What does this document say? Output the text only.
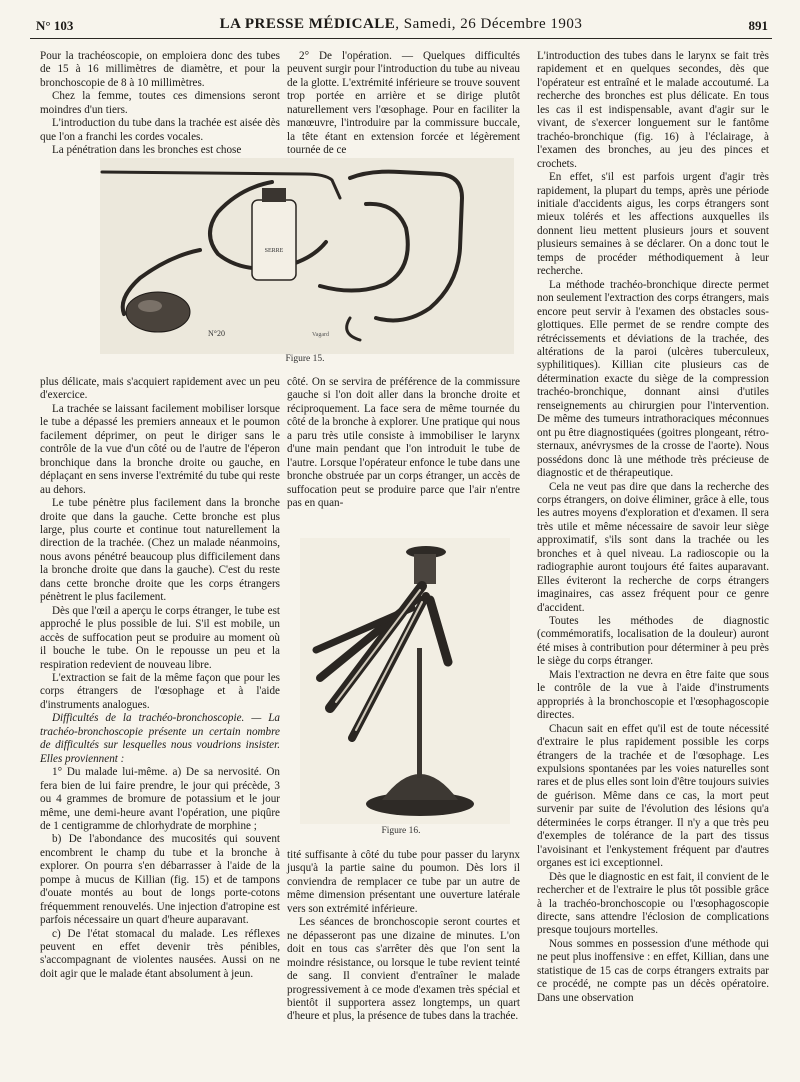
N° 103	LA PRESSE MÉDICALE, Samedi, 26 Décembre 1903	891

Pour la trachéoscopie, on emploiera donc des tubes de 15 à 16 millimètres de diamètre, et pour la bronchoscopie de 8 à 10 millimètres.

Chez la femme, toutes ces dimensions seront moindres d'un tiers.

L'introduction du tube dans la trachée est aisée dès que l'on a franchi les cordes vocales.

La pénétration dans les bronches est chose

2° De l'opération. — Quelques difficultés peuvent surgir pour l'introduction du tube au niveau de la glotte. L'extrémité inférieure se trouve souvent trop portée en arrière et se dirige plutôt naturellement vers l'œsophage. Pour en faciliter la manœuvre, l'introduire par la commissure buccale, la tête étant en extension forcée et légèrement tournée de ce

SERRE
N°20	Vagard
Figure 15.

plus délicate, mais s'acquiert rapidement avec un peu d'exercice.

La trachée se laissant facilement mobiliser lorsque le tube a dépassé les premiers anneaux et le poumon facilement déprimer, on peut le diriger sans le contrôle de la vue d'un côté ou de l'autre de l'éperon bronchique dans la bronche droite ou gauche, en déplaçant en sens inverse l'extrémité du tube qui reste au dehors.

Le tube pénètre plus facilement dans la bronche droite que dans la gauche. Cette bronche est plus large, plus courte et continue tout naturellement la direction de la trachée. (Chez un malade néanmoins, nous avons pénétré beaucoup plus difficilement dans la bronche droite que dans la gauche). C'est du reste dans cette bronche droite que les corps étrangers pénètrent le plus facilement.

Dès que l'œil a aperçu le corps étranger, le tube est approché le plus possible de lui. S'il est mobile, un accès de suffocation peut se produire au moment où il bouche le tube. On le repousse un peu et la respiration redevient de nouveau libre.

L'extraction se fait de la même façon que pour les corps étrangers de l'œsophage et à l'aide d'instruments analogues.

Difficultés de la trachéo-bronchoscopie. — La trachéo-bronchoscopie présente un certain nombre de difficultés sur lesquelles nous voudrions insister. Elles proviennent :

1° Du malade lui-même. a) De sa nervosité. On fera bien de lui faire prendre, le jour qui précède, 3 ou 4 grammes de bromure de potassium et le jour même, une demi-heure avant l'opération, une piqûre de 1 centigramme de chlorhydrate de morphine ;

b) De l'abondance des mucosités qui souvent encombrent le champ du tube et la bronche à explorer. On pourra s'en débarrasser à l'aide de la pompe à mucus de Killian (fig. 15) et de tampons d'ouate montés au bout de longs porte-cotons fréquemment renouvelés. Une injection d'atropine est parfois nécessaire un quart d'heure auparavant.

c) De l'état stomacal du malade. Les réflexes peuvent en effet devenir très pénibles, s'accompagnant de violentes nausées. Aussi on ne doit agir que le malade étant absolument à jeun.

côté. On se servira de préférence de la commissure gauche si l'on doit aller dans la bronche droite et réciproquement. La face sera de même tournée du côté de la bronche à explorer. Une pratique qui nous a paru très utile consiste à immobiliser le larynx d'une main pendant que l'on introduit le tube de l'autre. Lorsque l'opérateur enfonce le tube dans une bronche obstruée par un corps étranger, un accès de suffocation peut se produire parce que l'air n'entre pas en quan-

Figure 16.

tité suffisante à côté du tube pour passer du larynx jusqu'à la partie saine du poumon. Dès lors il conviendra de remplacer ce tube par un autre de même dimension présentant une ouverture latérale vers son extrémité inférieure.

Les séances de bronchoscopie seront courtes et ne dépasseront pas une dizaine de minutes. L'on doit en tous cas s'arrêter dès que l'on sent la moindre résistance, ou lorsque le tube revient teinté de sang. Il convient d'entraîner le malade progressivement à ce mode d'examen très spécial et bientôt il supportera assez longtemps, un quart d'heure et plus, la présence de tubes dans la trachée.

L'introduction des tubes dans le larynx se fait très rapidement et en quelques secondes, dès que l'opérateur est entraîné et le malade accoutumé. La recherche des bronches est plus délicate. En tous les cas il est indispensable, avant d'agir sur le vivant, de s'exercer longuement sur le fantôme trachéo-bronchique (fig. 16) à l'éclairage, à l'examen des bronches, au jeu des pinces et crochets.

En effet, s'il est parfois urgent d'agir très rapidement, la plupart du temps, après une période initiale d'accidents aigus, les corps étrangers sont mieux tolérés et les affections auxquelles ils donnent lieu mettent plusieurs jours et souvent plusieurs semaines à se déclarer. On a donc tout le temps de procéder méthodiquement à leur recherche.

La méthode trachéo-bronchique directe permet non seulement l'extraction des corps étrangers, mais encore peut servir à l'examen des obstacles sous-glottiques. Elle permet de se rendre compte des rétrécissements et déviations de la trachée, des altérations de la paroi (ulcères tuberculeux, syphilitiques). Killian cite plusieurs cas de détermination exacte du siège de la compression trachéo-bronchique, donnant ainsi d'utiles renseignements au chirurgien pour l'intervention. De même des tumeurs intrathoraciques méconnues ont pu être diagnostiquées (goitres plongeant, rétro-sternaux, anévrysmes de la crosse de l'aorte). Nous possédons donc là une méthode très précieuse de diagnostic et de thérapeutique.

Cela ne veut pas dire que dans la recherche des corps étrangers, on doive éliminer, grâce à elle, tous les autres moyens d'exploration et d'examen. Il sera très utile et même nécessaire de savoir leur siège approximatif, s'ils sont dans la trachée ou les bronches et à quel niveau. La radioscopie ou la radiographie auront toujours été faites auparavant. Elles éviteront la recherche de corps étrangers imaginaires, cas assez fréquent pour ce genre d'accident.

Toutes les méthodes de diagnostic (commémoratifs, localisation de la douleur) auront été mises à contribution pour déterminer à peu près le siège du corps étranger.

Mais l'extraction ne devra en être faite que sous le contrôle de la vue à l'aide d'instruments appropriés à la bronchoscopie et l'œsophagoscopie directes.

Chacun sait en effet qu'il est de toute nécessité d'extraire le plus rapidement possible les corps étrangers de la trachée et de l'œsophage. Les expulsions spontanées par les voies naturelles sont rares et de plus elles sont loin d'être toujours suivies de guérison. Même dans ce cas, la mort peut survenir par suite de l'évolution des lésions qu'a déterminées le corps étranger. Il n'y a que très peu d'exemples de tolérance de la part des tissus l'avoisinant et l'enkystement fréquent par d'autres organes est ici exceptionnel.

Dès que le diagnostic en est fait, il convient de le rechercher et de l'extraire le plus tôt possible grâce à la trachéo-bronchoscopie ou l'œsophagoscopie directe, sans attendre l'éclosion de complications presque toujours mortelles.

Nous sommes en possession d'une méthode qui ne peut plus inoffensive : en effet, Killian, dans une statistique de 15 cas de corps étrangers extraits par ce procédé, ne compte pas un décès opératoire. Dans une observation
